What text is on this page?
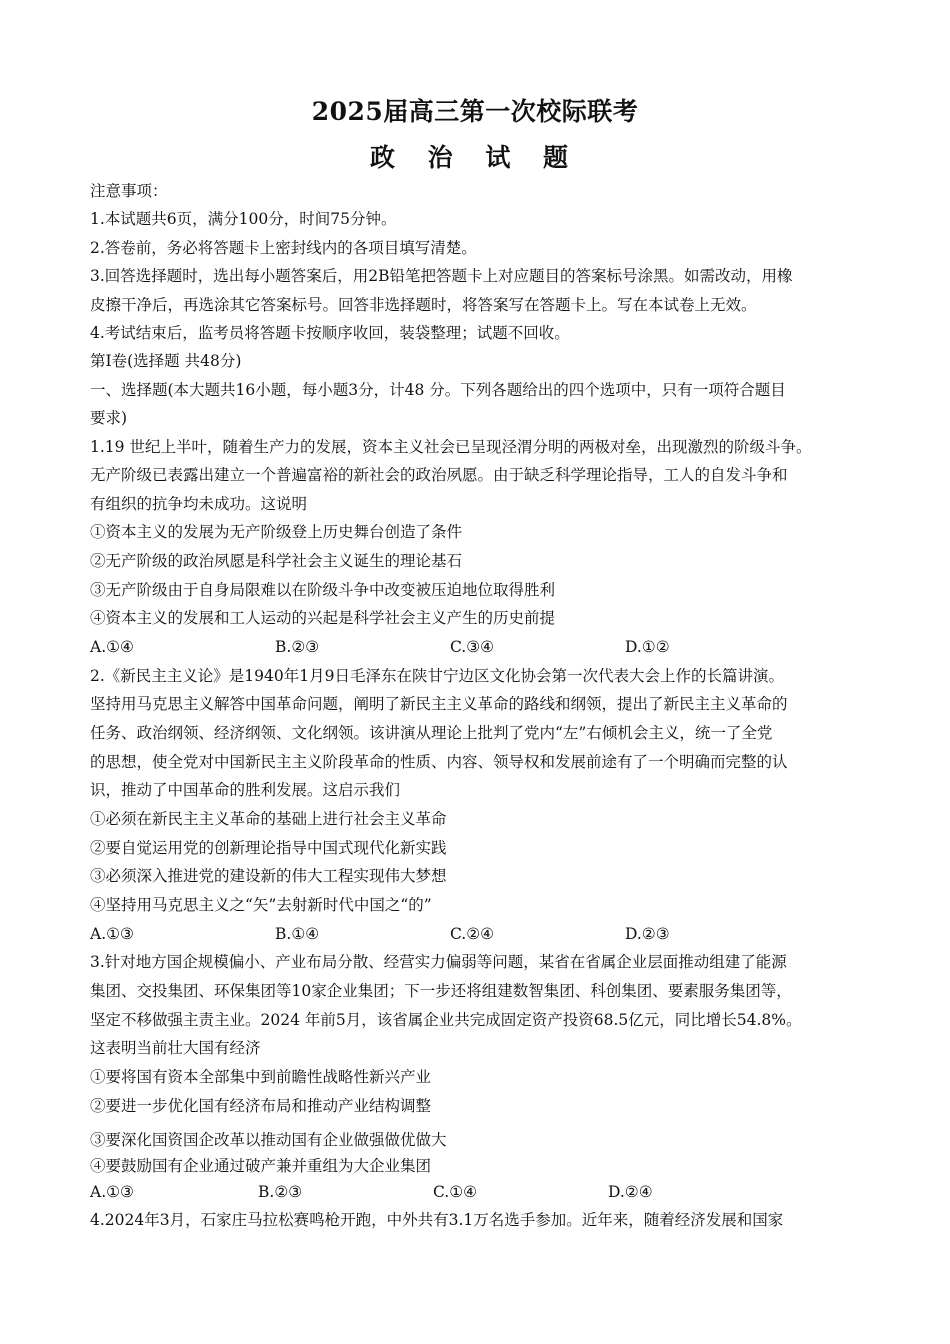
2025届高三第一次校际联考
政 治 试 题
注意事项：
1.本试题共6页，满分100分，时间75分钟。
2.答卷前，务必将答题卡上密封线内的各项目填写清楚。
3.回答选择题时，选出每小题答案后，用2B铅笔把答题卡上对应题目的答案标号涂黑。如需改动，用橡
皮擦干净后，再选涂其它答案标号。回答非选择题时，将答案写在答题卡上。写在本试卷上无效。
4.考试结束后，监考员将答题卡按顺序收回，装袋整理；试题不回收。
第Ⅰ卷(选择题 共48分)
一、选择题(本大题共16小题，每小题3分，计48 分。下列各题给出的四个选项中，只有一项符合题目
要求)
1.19 世纪上半叶，随着生产力的发展，资本主义社会已呈现泾渭分明的两极对垒，出现激烈的阶级斗争。
无产阶级已表露出建立一个普遍富裕的新社会的政治夙愿。由于缺乏科学理论指导，工人的自发斗争和
有组织的抗争均未成功。这说明
①资本主义的发展为无产阶级登上历史舞台创造了条件
②无产阶级的政治夙愿是科学社会主义诞生的理论基石
③无产阶级由于自身局限难以在阶级斗争中改变被压迫地位取得胜利
④资本主义的发展和工人运动的兴起是科学社会主义产生的历史前提
A.①④	B.②③	C.③④	D.①②
2.《新民主主义论》是1940年1月9日毛泽东在陕甘宁边区文化协会第一次代表大会上作的长篇讲演。
坚持用马克思主义解答中国革命问题，阐明了新民主主义革命的路线和纲领，提出了新民主主义革命的
任务、政治纲领、经济纲领、文化纲领。该讲演从理论上批判了党内“左”右倾机会主义，统一了全党
的思想，使全党对中国新民主主义阶段革命的性质、内容、领导权和发展前途有了一个明确而完整的认
识，推动了中国革命的胜利发展。这启示我们
①必须在新民主主义革命的基础上进行社会主义革命
②要自觉运用党的创新理论指导中国式现代化新实践
③必须深入推进党的建设新的伟大工程实现伟大梦想
④坚持用马克思主义之“矢”去射新时代中国之“的”
A.①③	B.①④	C.②④	D.②③
3.针对地方国企规模偏小、产业布局分散、经营实力偏弱等问题，某省在省属企业层面推动组建了能源
集团、交投集团、环保集团等10家企业集团；下一步还将组建数智集团、科创集团、要素服务集团等，
坚定不移做强主责主业。2024 年前5月，该省属企业共完成固定资产投资68.5亿元，同比增长54.8%。
这表明当前壮大国有经济
①要将国有资本全部集中到前瞻性战略性新兴产业
②要进一步优化国有经济布局和推动产业结构调整
③要深化国资国企改革以推动国有企业做强做优做大
④要鼓励国有企业通过破产兼并重组为大企业集团
A.①③	B.②③	C.①④	D.②④
4.2024年3月，石家庄马拉松赛鸣枪开跑，中外共有3.1万名选手参加。近年来，随着经济发展和国家
